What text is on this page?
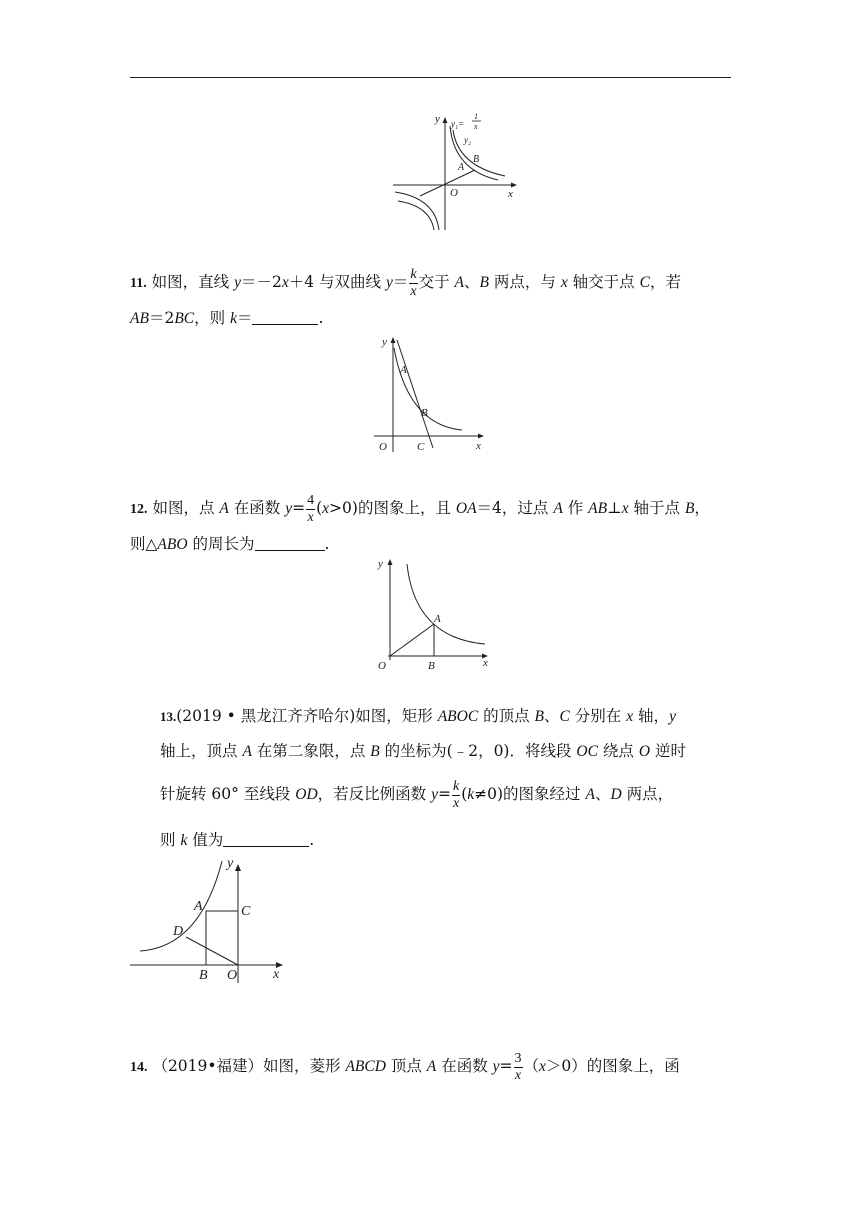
y₁=
1
x
y₂
y
x
O
A
B
11. 如图，直线 y＝－2x＋4 与双曲线 $y= \frac{k}{x}$ 交于 A、B 两点，与 x 轴交于点 C，若
AB＝2BC，则 k＝	.
y
x
O
A
B
C
12. 如图，点 A 在函数 $y= \frac{4}{x} (x>0)$的图象上，且 OA＝4，过点 A 作 AB⊥x 轴于点 B，
则△ABO 的周长为	.
y
x
O
A
B
13.(2019 • 黑龙江齐齐哈尔)如图，矩形 ABOC 的顶点 B、C 分别在 x 轴，y
轴上，顶点 A 在第二象限，点 B 的坐标为(﹣2，0)．将线段 OC 绕点 O 逆时
针旋转 60° 至线段 OD，若反比例函数 $y= \frac{k}{x} (k\ne 0)$的图象经过 A、D 两点，
则 k 值为	.
y
x
O
A
B
C
D
14. （2019•福建）如图，菱形 ABCD 顶点 A 在函数 $y= \frac{3}{x} (x>0)$的图象上，函
